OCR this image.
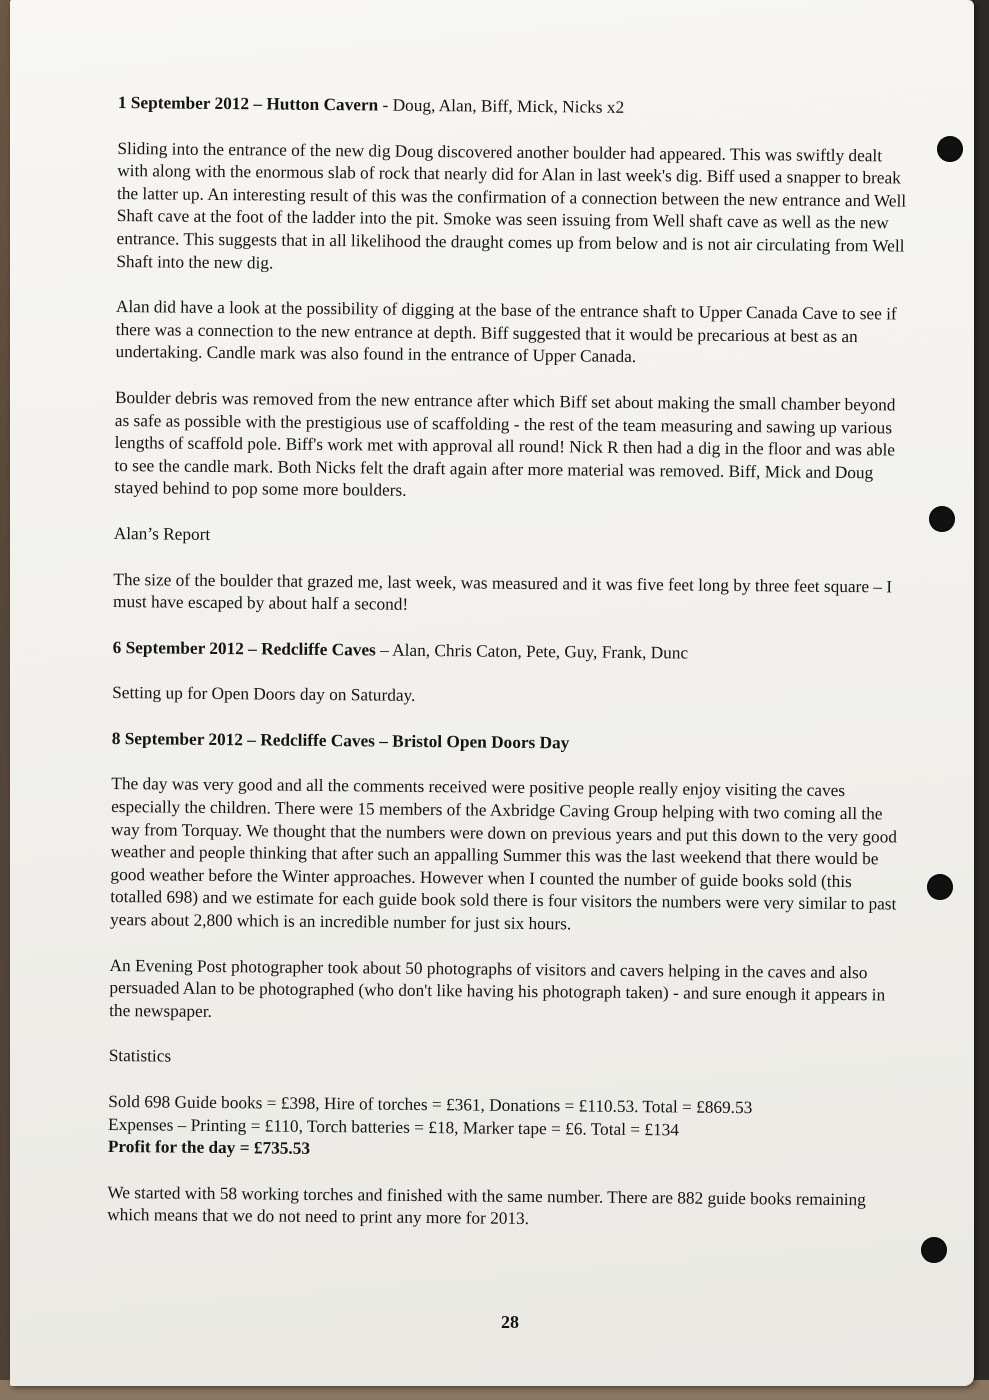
1 September 2012 – Hutton Cavern - Doug, Alan, Biff, Mick, Nicks x2

Sliding into the entrance of the new dig Doug discovered another boulder had appeared. This was swiftly dealt with along with the enormous slab of rock that nearly did for Alan in last week's dig. Biff used a snapper to break the latter up. An interesting result of this was the confirmation of a connection between the new entrance and Well Shaft cave at the foot of the ladder into the pit. Smoke was seen issuing from Well shaft cave as well as the new entrance. This suggests that in all likelihood the draught comes up from below and is not air circulating from Well Shaft into the new dig.

Alan did have a look at the possibility of digging at the base of the entrance shaft to Upper Canada Cave to see if there was a connection to the new entrance at depth. Biff suggested that it would be precarious at best as an undertaking. Candle mark was also found in the entrance of Upper Canada.

Boulder debris was removed from the new entrance after which Biff set about making the small chamber beyond as safe as possible with the prestigious use of scaffolding - the rest of the team measuring and sawing up various lengths of scaffold pole. Biff's work met with approval all round! Nick R then had a dig in the floor and was able to see the candle mark. Both Nicks felt the draft again after more material was removed. Biff, Mick and Doug stayed behind to pop some more boulders.

Alan’s Report

The size of the boulder that grazed me, last week, was measured and it was five feet long by three feet square – I must have escaped by about half a second!

6 September 2012 – Redcliffe Caves – Alan, Chris Caton, Pete, Guy, Frank, Dunc

Setting up for Open Doors day on Saturday.

8 September 2012 – Redcliffe Caves – Bristol Open Doors Day

The day was very good and all the comments received were positive people really enjoy visiting the caves especially the children. There were 15 members of the Axbridge Caving Group helping with two coming all the way from Torquay. We thought that the numbers were down on previous years and put this down to the very good weather and people thinking that after such an appalling Summer this was the last weekend that there would be good weather before the Winter approaches. However when I counted the number of guide books sold (this totalled 698) and we estimate for each guide book sold there is four visitors the numbers were very similar to past years about 2,800 which is an incredible number for just six hours.

An Evening Post photographer took about 50 photographs of visitors and cavers helping in the caves and also persuaded Alan to be photographed (who don't like having his photograph taken) - and sure enough it appears in the newspaper.

Statistics

Sold 698 Guide books = £398, Hire of torches = £361, Donations = £110.53. Total = £869.53
Expenses – Printing = £110, Torch batteries = £18, Marker tape = £6. Total = £134
Profit for the day = £735.53

We started with 58 working torches and finished with the same number. There are 882 guide books remaining which means that we do not need to print any more for 2013.

28
